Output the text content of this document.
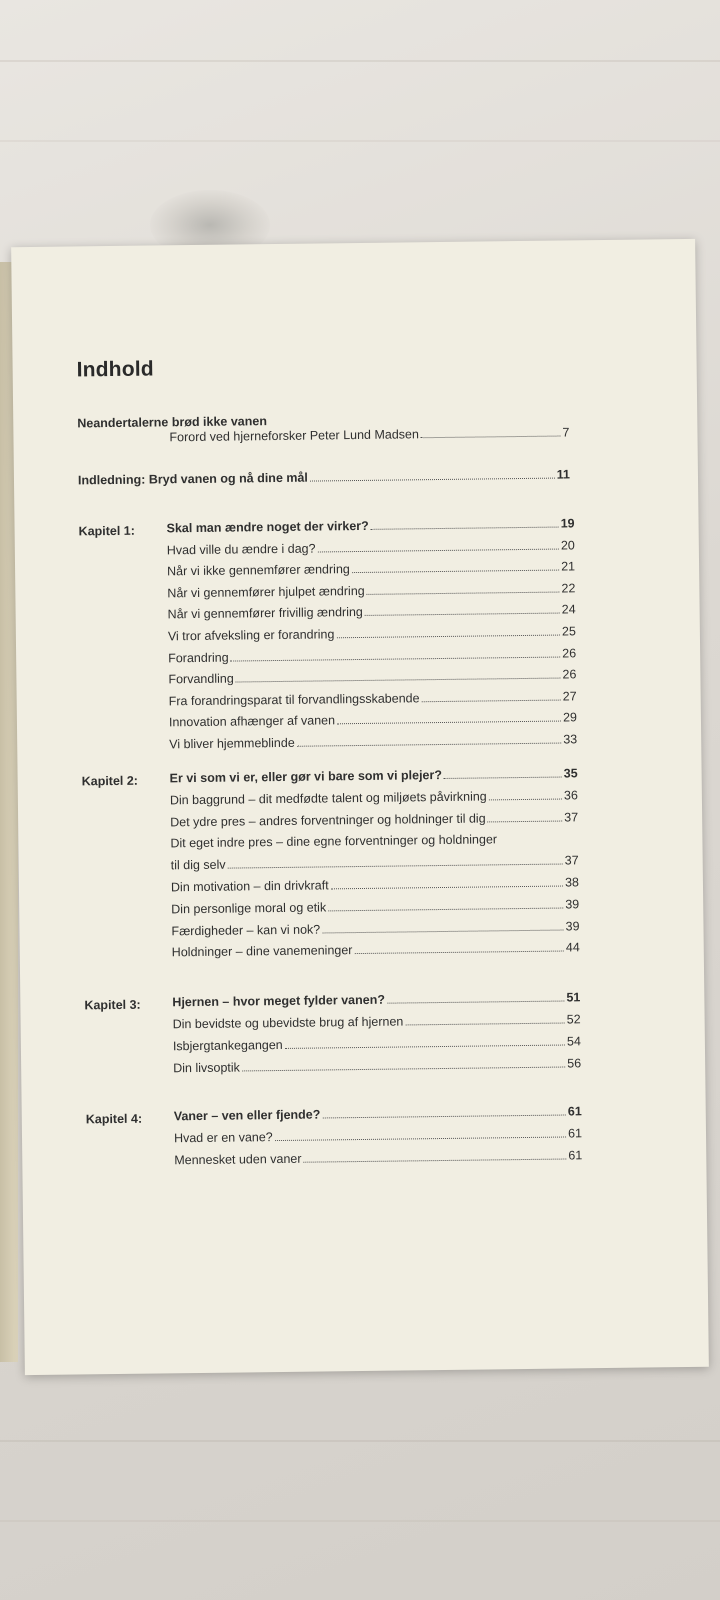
Indhold
Neandertalerne brød ikke vanen
Forord ved hjerneforsker Peter Lund Madsen	7
Indledning: Bryd vanen og nå dine mål	11
Kapitel 1:	Skal man ændre noget der virker?	19
Hvad ville du ændre i dag?	20
Når vi ikke gennemfører ændring	21
Når vi gennemfører hjulpet ændring	22
Når vi gennemfører frivillig ændring	24
Vi tror afveksling er forandring	25
Forandring	26
Forvandling	26
Fra forandringsparat til forvandlingsskabende	27
Innovation afhænger af vanen	29
Vi bliver hjemmeblinde	33
Kapitel 2:	Er vi som vi er, eller gør vi bare som vi plejer?	35
Din baggrund – dit medfødte talent og miljøets påvirkning	36
Det ydre pres – andres forventninger og holdninger til dig	37
Dit eget indre pres – dine egne forventninger og holdninger
til dig selv	37
Din motivation – din drivkraft	38
Din personlige moral og etik	39
Færdigheder – kan vi nok?	39
Holdninger – dine vanemeninger	44
Kapitel 3:	Hjernen – hvor meget fylder vanen?	51
Din bevidste og ubevidste brug af hjernen	52
Isbjergtankegangen	54
Din livsoptik	56
Kapitel 4:	Vaner – ven eller fjende?	61
Hvad er en vane?	61
Mennesket uden vaner	61
